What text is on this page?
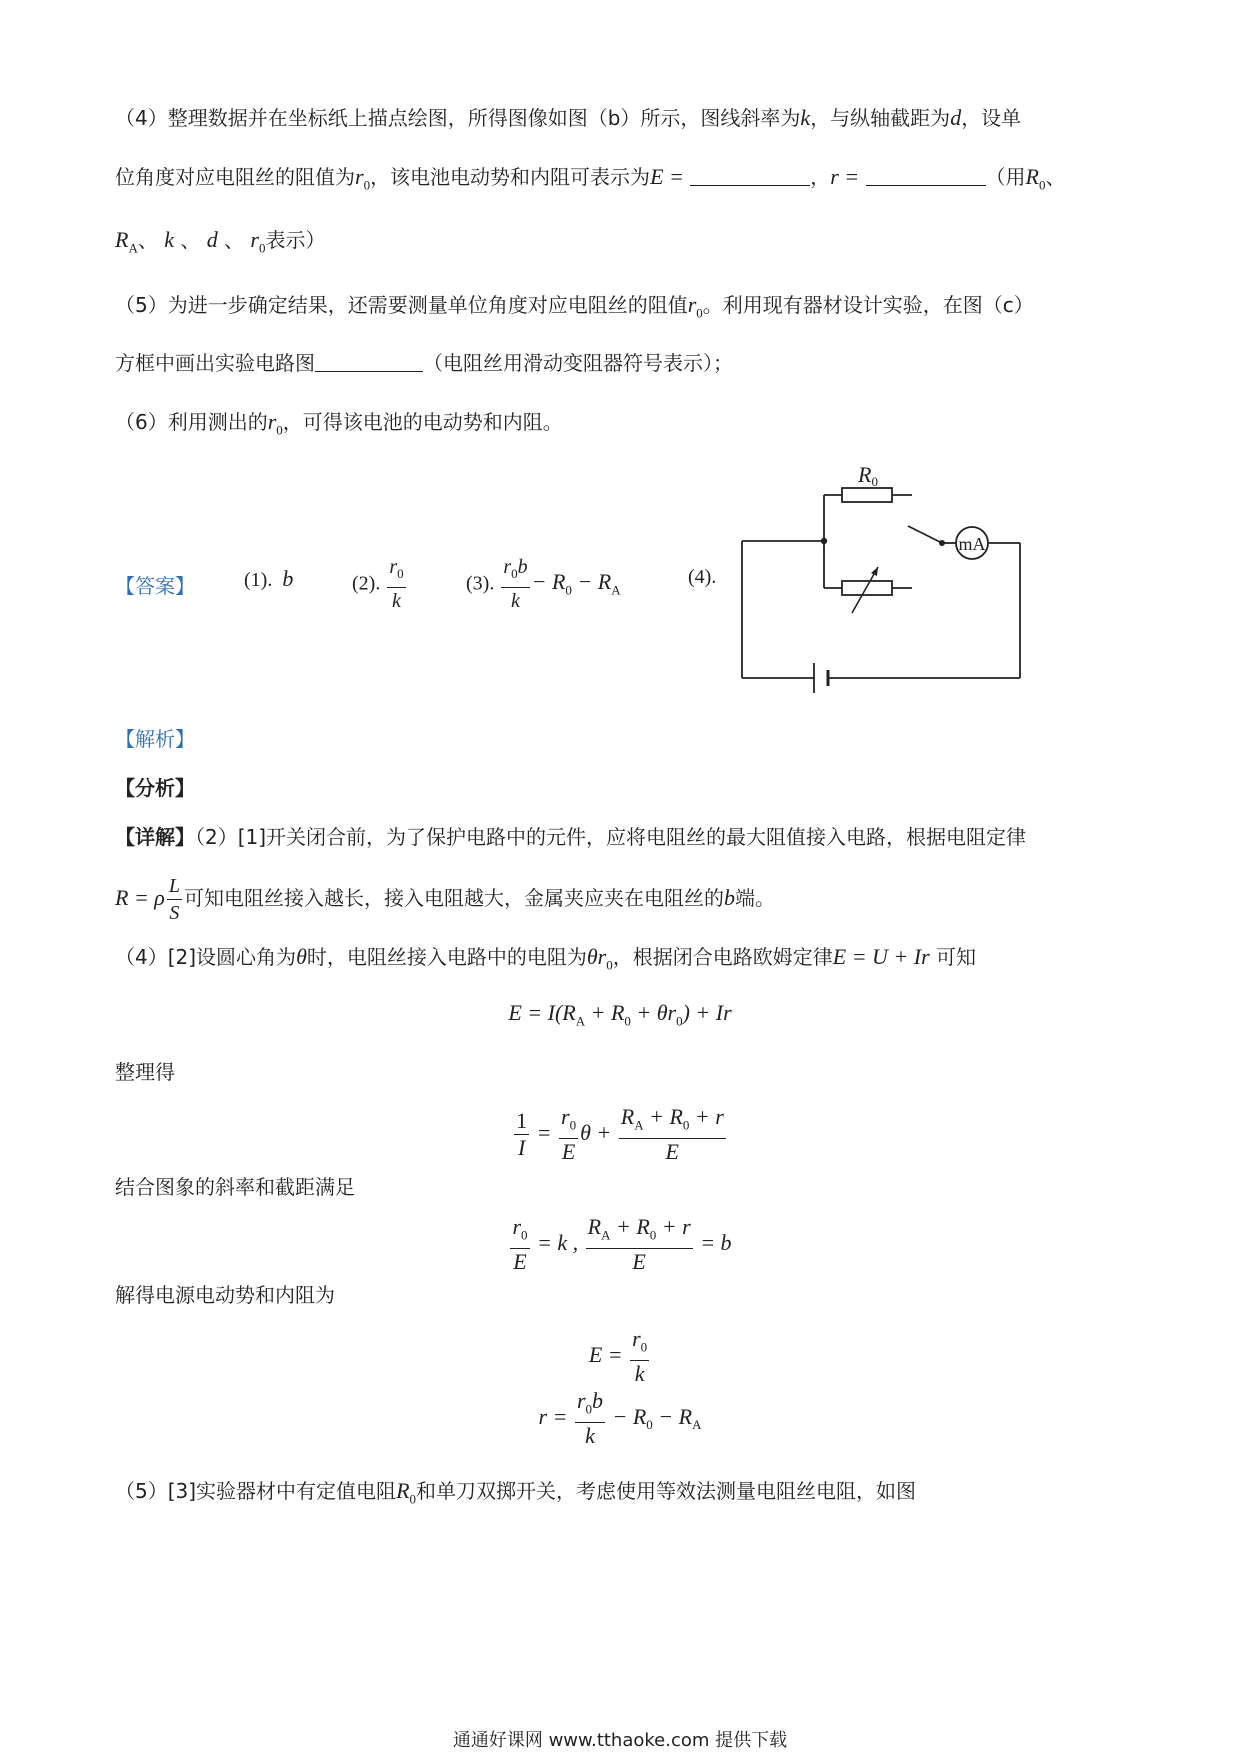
（4）整理数据并在坐标纸上描点绘图，所得图像如图（b）所示，图线斜率为k，与纵轴截距为d，设单
位角度对应电阻丝的阻值为$r_0$，该电池电动势和内阻可表示为E =	，r =	（用$R_0$、
$R_A$、 k 、 d 、 $r_0$表示）
（5）为进一步确定结果，还需要测量单位角度对应电阻丝的阻值$r_0$。利用现有器材设计实验，在图（c）
方框中画出实验电路图	（电阻丝用滑动变阻器符号表示）；
（6）利用测出的$r_0$，可得该电池的电动势和内阻。
【答案】 (1). b	(2). $\frac{r_0}{k}$	(3). $\frac{r_0b}{k} - R_0 - R_A$
(4).
R0
mA
【解析】
【分析】
【详解】（2）[1]开关闭合前，为了保护电路中的元件，应将电阻丝的最大阻值接入电路，根据电阻定律
R = ρ $\frac{L}{S}$ 可知电阻丝接入越长，接入电阻越大，金属夹应夹在电阻丝的b端。
（4）[2]设圆心角为θ时，电阻丝接入电路中的电阻为$\theta r_0$，根据闭合电路欧姆定律E = U + Ir 可知
$E = I(R_A + R_0 + \theta r_0) + Ir$
整理得
$\frac{1}{I} = \frac{r_0}{E}$ $\theta + \frac{R_A + R_0 + r}{E}$
结合图象的斜率和截距满足
$\frac{r_0}{E} = k$ , $\frac{R_A + R_0 + r}{E} = b$
解得电源电动势和内阻为
$E = \frac{r_0}{k}$
$r = \frac{r_0b}{k} - R_0 - R_A$
（5）[3]实验器材中有定值电阻$R_0$和单刀双掷开关，考虑使用等效法测量电阻丝电阻，如图
通通好课网 www.tthaoke.com 提供下载
